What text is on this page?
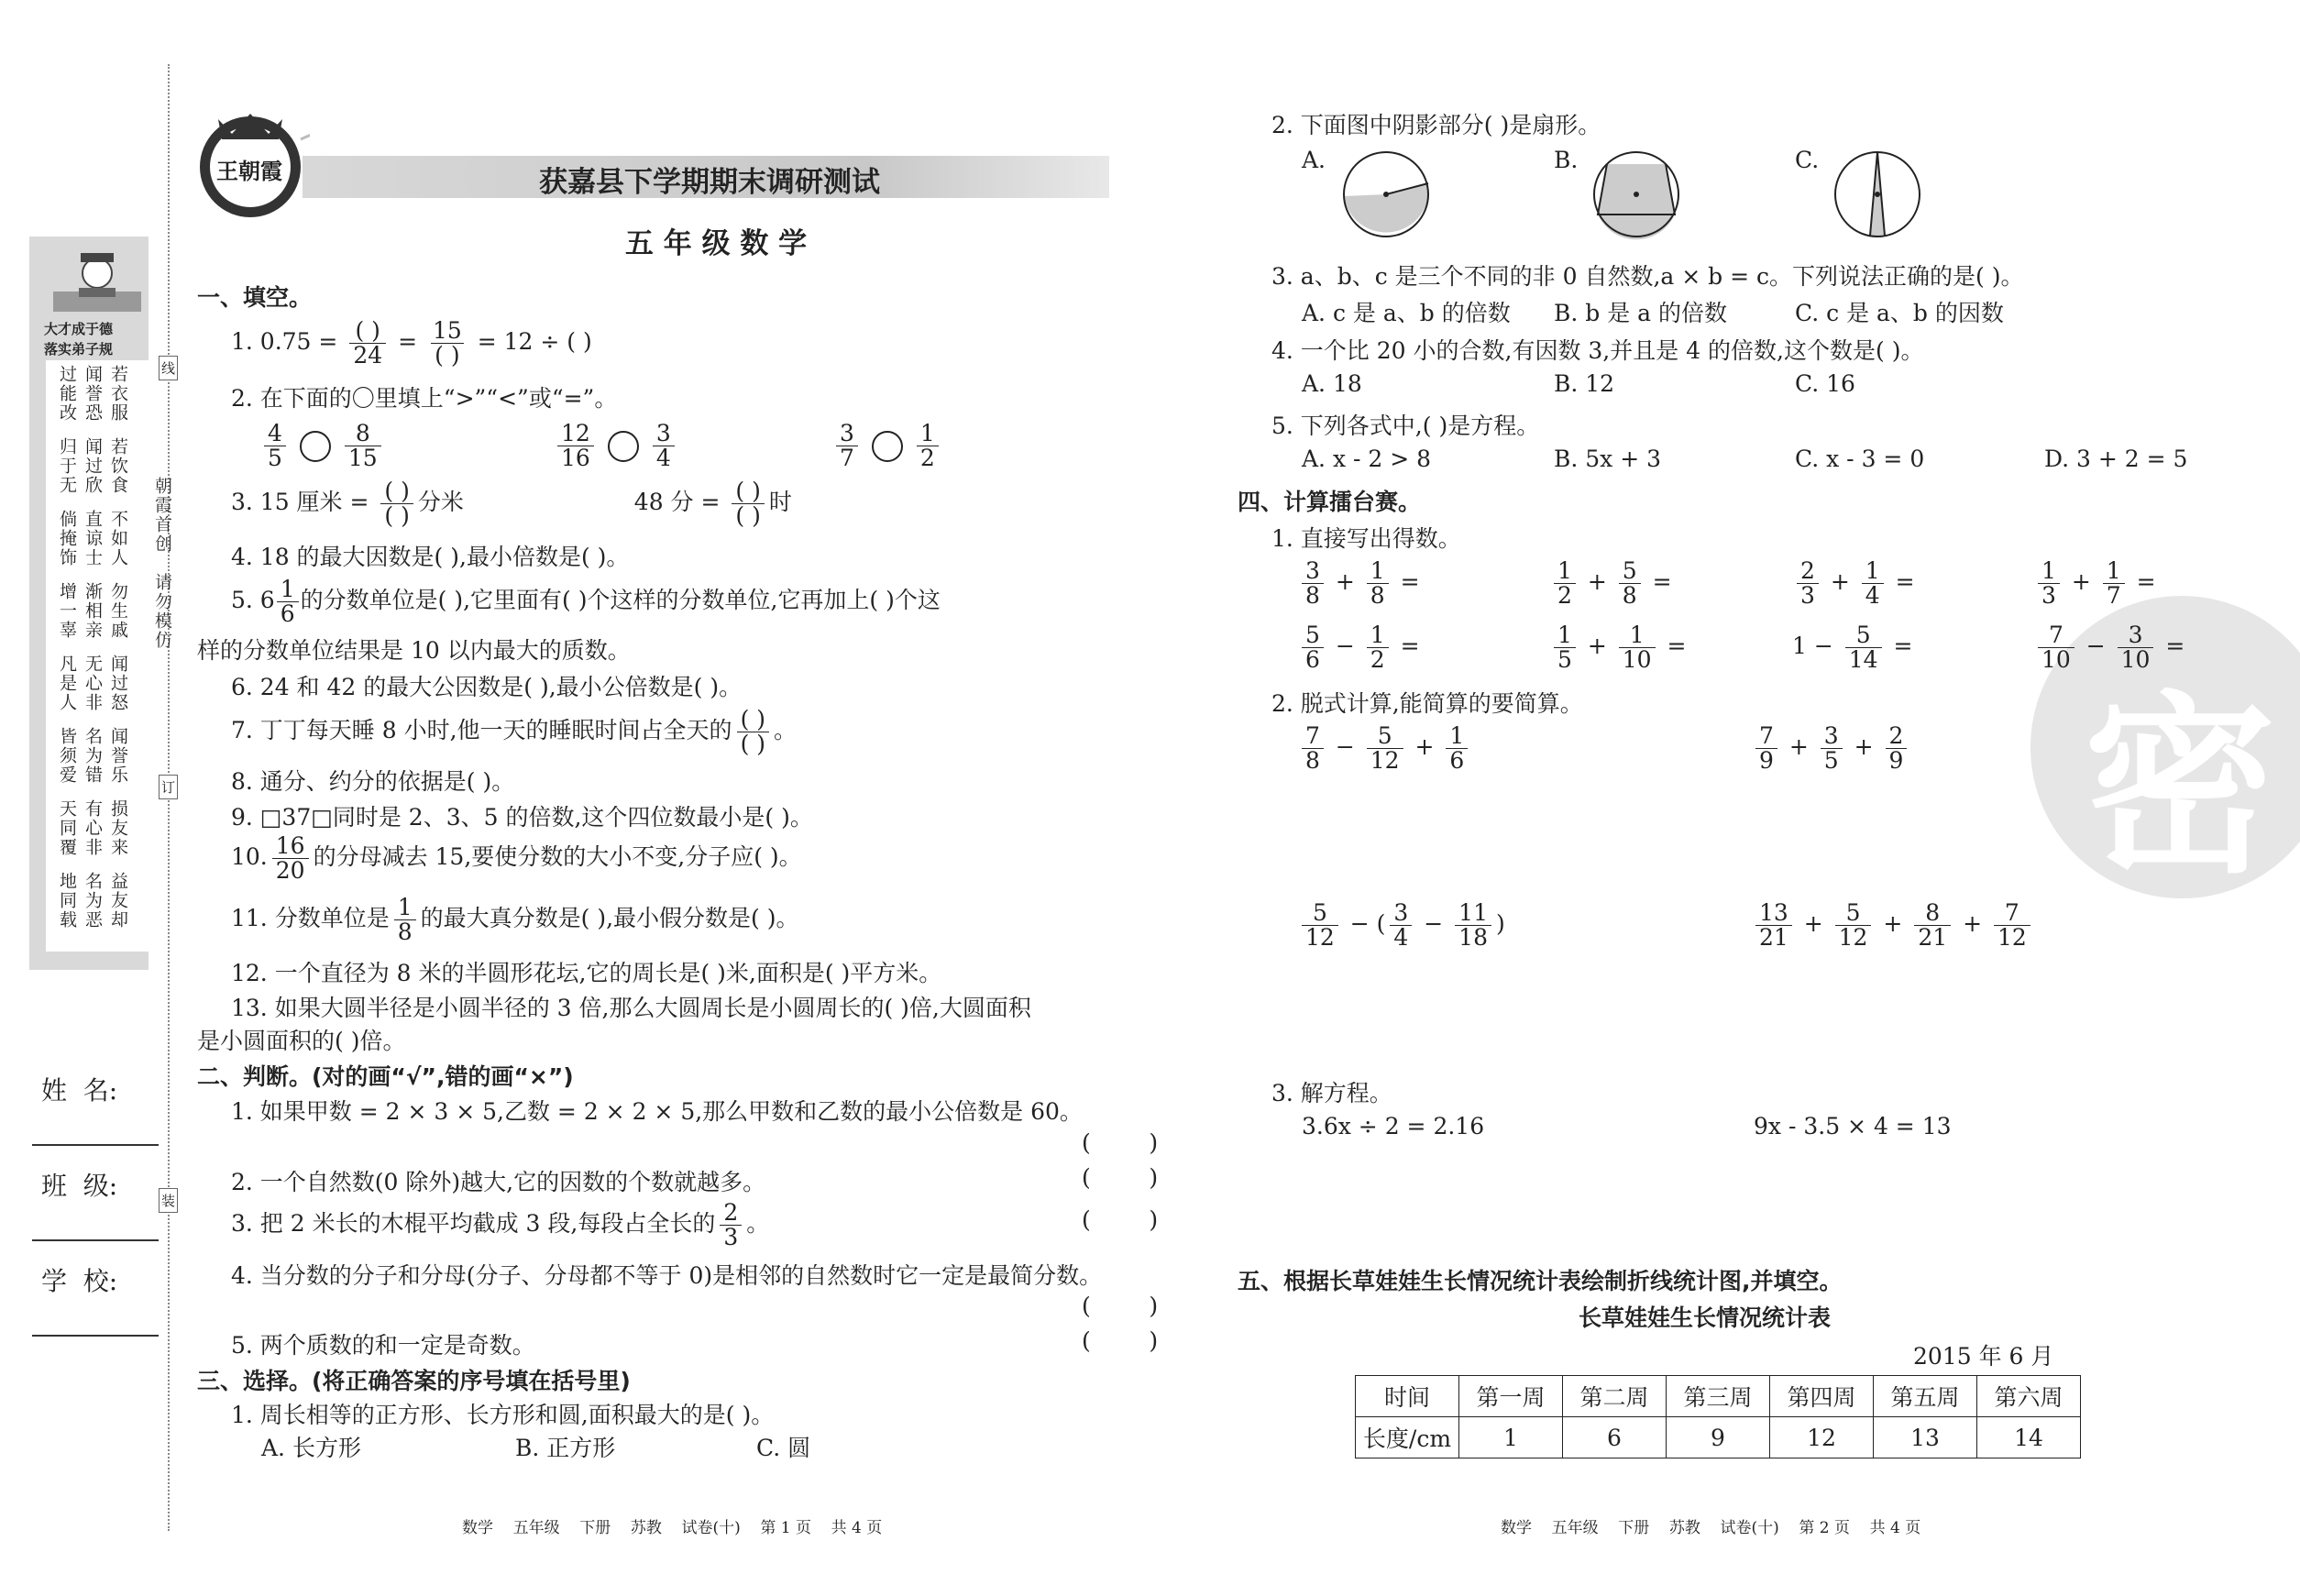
大才成于德
落实弟子规
过能改 闻誉恐 若衣服
归于无 闻过欣 若饮食
倘掩饰 直谅士 不如人
增一辜 渐相亲 勿生戚
凡是人 无心非 闻过怒
皆须爱 名为错 闻誉乐
天同覆 有心非 损友来
地同载 名为恶 益友却
朝霞首创
请勿模仿
线
订
装
姓  名:
班  级:
学  校:
王朝霞	获嘉县下学期期末调研测试
五 年 级 数 学
一、填空。
1. $0.75 = \frac{( )}{24} = \frac{15}{( )} = 12$ ÷ ( )
2. 在下面的〇里填上“>”“<”或“=”。
$\frac{4}{5}$	$\frac{8}{15}$	$\frac{12}{16}$	$\frac{3}{4}$	$\frac{3}{7}$	$\frac{1}{2}$
3. 15 厘米 = $\frac{( )}{( )}$ 分米	48 分 = $\frac{( )}{( )}$ 时
4. 18 的最大因数是( ),最小倍数是( )。
5. $6 \frac{1}{6}$ 的分数单位是( ),它里面有( )个这样的分数单位,它再加上( )个这
样的分数单位结果是 10 以内最大的质数。
6. 24 和 42 的最大公因数是( ),最小公倍数是( )。
7. 丁丁每天睡 8 小时,他一天的睡眠时间占全天的 $\frac{( )}{( )}$ 。
8. 通分、约分的依据是( )。
9. □37□同时是 2、3、5 的倍数,这个四位数最小是( )。
10. $\frac{16}{20}$ 的分母减去 15,要使分数的大小不变,分子应( )。
11. 分数单位是 $\frac{1}{8}$ 的最大真分数是( ),最小假分数是( )。
12. 一个直径为 8 米的半圆形花坛,它的周长是( )米,面积是( )平方米。
13. 如果大圆半径是小圆半径的 3 倍,那么大圆周长是小圆周长的( )倍,大圆面积
是小圆面积的( )倍。
二、判断。(对的画“√”,错的画“×”)
1. 如果甲数 = 2 × 3 × 5,乙数 = 2 × 2 × 5,那么甲数和乙数的最小公倍数是 60。
(        )
2. 一个自然数(0 除外)越大,它的因数的个数就越多。	(        )
3. 把 2 米长的木棍平均截成 3 段,每段占全长的 $\frac{2}{3}$ 。	(        )
4. 当分数的分子和分母(分子、分母都不等于 0)是相邻的自然数时它一定是最简分数。
(        )
5. 两个质数的和一定是奇数。	(        )
三、选择。(将正确答案的序号填在括号里)
1. 周长相等的正方形、长方形和圆,面积最大的是( )。
A. 长方形	B. 正方形	C. 圆
数学    五年级    下册    苏教    试卷(十)    第 1 页    共 4 页
密
2. 下面图中阴影部分( )是扇形。
A.	B.	C.
3. a、b、c 是三个不同的非 0 自然数,a × b = c。下列说法正确的是( )。
A. c 是 a、b 的倍数 B. b 是 a 的倍数	C. c 是 a、b 的因数
4. 一个比 20 小的合数,有因数 3,并且是 4 的倍数,这个数是( )。
A. 18	B. 12	C. 16
5. 下列各式中,( )是方程。
A. x - 2 > 8	B. 5x + 3	C. x - 3 = 0	D. 3 + 2 = 5
四、计算擂台赛。
1. 直接写出得数。
$\frac{3}{8} + \frac{1}{8}$ =	$\frac{1}{2} + \frac{5}{8}$ =	$\frac{2}{3} + \frac{1}{4}$ =	$\frac{1}{3} + \frac{1}{7}$ =
$\frac{5}{6} - \frac{1}{2}$ =	$\frac{1}{5} + \frac{1}{10}$ =	$1 - \frac{5}{14}$ =	$\frac{7}{10} - \frac{3}{10}$ =
2. 脱式计算,能简算的要简算。
$\frac{7}{8} - \frac{5}{12} + \frac{1}{6}$	$\frac{7}{9} + \frac{3}{5} + \frac{2}{9}$
$\frac{5}{12}$ − ( $\frac{3}{4} - \frac{11}{18}$ )	$\frac{13}{21} + \frac{5}{12} + \frac{8}{21} + \frac{7}{12}$
3. 解方程。
3.6x ÷ 2 = 2.16	9x - 3.5 × 4 = 13
五、根据长草娃娃生长情况统计表绘制折线统计图,并填空。
长草娃娃生长情况统计表
2015 年 6 月
时间	第一周	第二周	第三周	第四周	第五周	第六周
长度/cm	1	6	9	12	13	14
数学    五年级    下册    苏教    试卷(十)    第 2 页    共 4 页
